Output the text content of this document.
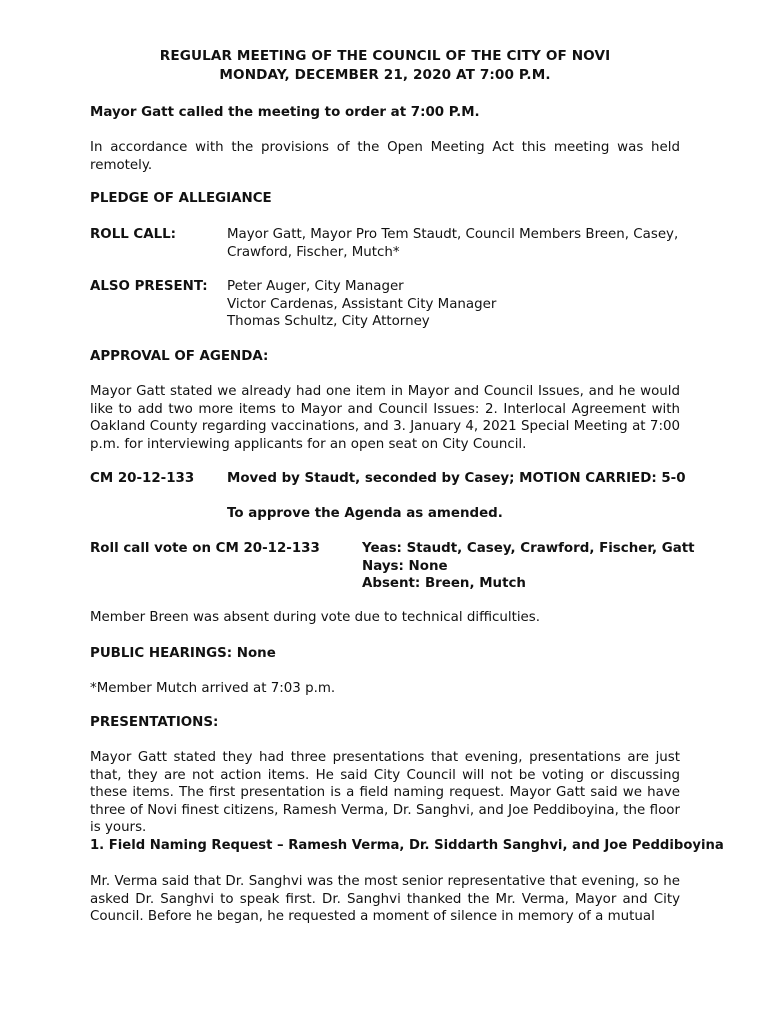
REGULAR MEETING OF THE COUNCIL OF THE CITY OF NOVI
MONDAY, DECEMBER 21, 2020 AT 7:00 P.M.
Mayor Gatt called the meeting to order at 7:00 P.M.
In accordance with the provisions of the Open Meeting Act this meeting was held remotely.
PLEDGE OF ALLEGIANCE
ROLL CALL:	Mayor Gatt, Mayor Pro Tem Staudt, Council Members Breen, Casey,
Crawford, Fischer, Mutch*
ALSO PRESENT: Peter Auger, City Manager
Victor Cardenas, Assistant City Manager
Thomas Schultz, City Attorney
APPROVAL OF AGENDA:
Mayor Gatt stated we already had one item in Mayor and Council Issues, and he would like to add two more items to Mayor and Council Issues: 2. Interlocal Agreement with Oakland County regarding vaccinations, and 3. January 4, 2021 Special Meeting at 7:00 p.m. for interviewing applicants for an open seat on City Council.
CM 20-12-133 Moved by Staudt, seconded by Casey; MOTION CARRIED: 5-0
To approve the Agenda as amended.
Roll call vote on CM 20-12-133	Yeas: Staudt, Casey, Crawford, Fischer, Gatt
Nays: None
Absent: Breen, Mutch
Member Breen was absent during vote due to technical difficulties.
PUBLIC HEARINGS: None
*Member Mutch arrived at 7:03 p.m.
PRESENTATIONS:
Mayor Gatt stated they had three presentations that evening, presentations are just that, they are not action items. He said City Council will not be voting or discussing these items. The first presentation is a field naming request. Mayor Gatt said we have three of Novi finest citizens, Ramesh Verma, Dr. Sanghvi, and Joe Peddiboyina, the floor is yours.
1. Field Naming Request – Ramesh Verma, Dr. Siddarth Sanghvi, and Joe Peddiboyina
Mr. Verma said that Dr. Sanghvi was the most senior representative that evening, so he asked Dr. Sanghvi to speak first. Dr. Sanghvi thanked the Mr. Verma, Mayor and City Council. Before he began, he requested a moment of silence in memory of a mutual
